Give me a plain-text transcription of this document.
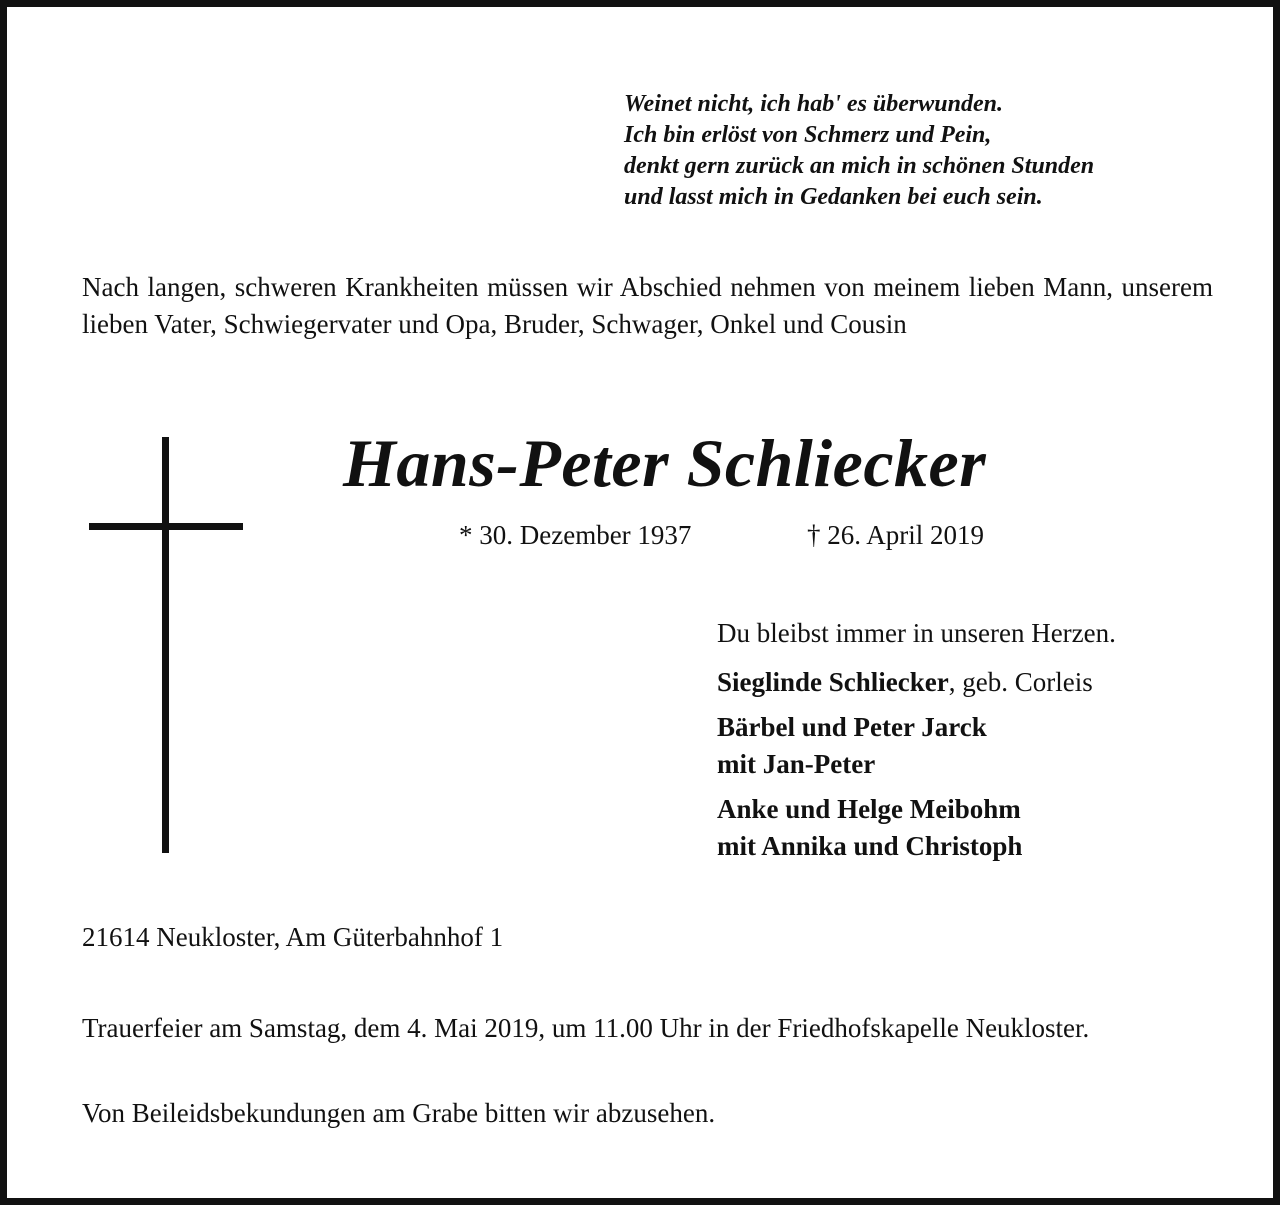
Weinet nicht, ich hab' es überwunden.
Ich bin erlöst von Schmerz und Pein,
denkt gern zurück an mich in schönen Stunden
und lasst mich in Gedanken bei euch sein.
Nach langen, schweren Krankheiten müssen wir Abschied nehmen von meinem lieben Mann, unserem lieben Vater, Schwiegervater und Opa, Bruder, Schwager, Onkel und Cousin
Hans-Peter Schliecker
* 30. Dezember 1937	† 26. April 2019
Du bleibst immer in unseren Herzen.
Sieglinde Schliecker, geb. Corleis
Bärbel und Peter Jarck
mit Jan-Peter
Anke und Helge Meibohm
mit Annika und Christoph
21614 Neukloster, Am Güterbahnhof 1
Trauerfeier am Samstag, dem 4. Mai 2019, um 11.00 Uhr in der Friedhofskapelle Neukloster.
Von Beileidsbekundungen am Grabe bitten wir abzusehen.
